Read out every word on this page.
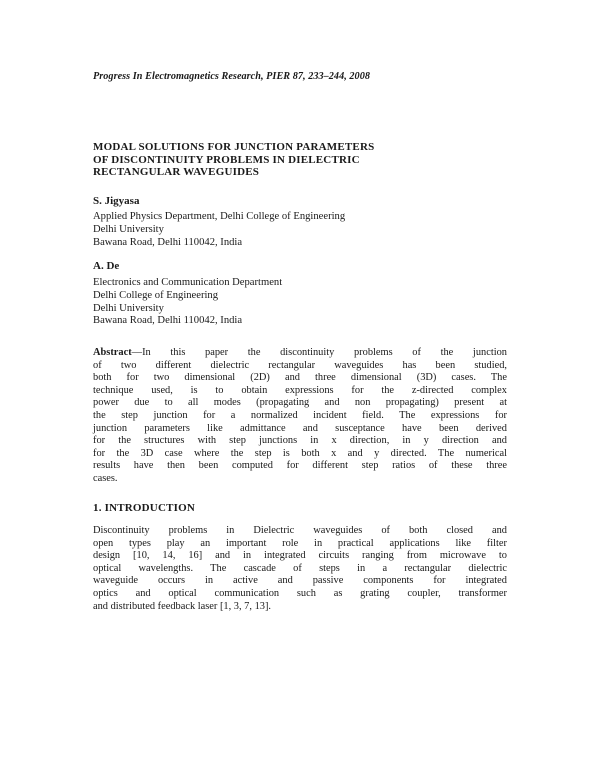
Progress In Electromagnetics Research, PIER 87, 233–244, 2008
MODAL SOLUTIONS FOR JUNCTION PARAMETERS
OF DISCONTINUITY PROBLEMS IN DIELECTRIC
RECTANGULAR WAVEGUIDES
S. Jigyasa
Applied Physics Department, Delhi College of Engineering
Delhi University
Bawana Road, Delhi 110042, India
A. De
Electronics and Communication Department
Delhi College of Engineering
Delhi University
Bawana Road, Delhi 110042, India
Abstract—In this paper the discontinuity problems of the junction
of two different dielectric rectangular waveguides has been studied,
both for two dimensional (2D) and three dimensional (3D) cases. The
technique used, is to obtain expressions for the z-directed complex
power due to all modes (propagating and non propagating) present at
the step junction for a normalized incident field. The expressions for
junction parameters like admittance and susceptance have been derived
for the structures with step junctions in x direction, in y direction and
for the 3D case where the step is both x and y directed. The numerical
results have then been computed for different step ratios of these three
cases.
1. INTRODUCTION
Discontinuity problems in Dielectric waveguides of both closed and
open types play an important role in practical applications like filter
design [10, 14, 16] and in integrated circuits ranging from microwave to
optical wavelengths. The cascade of steps in a rectangular dielectric
waveguide occurs in active and passive components for integrated
optics and optical communication such as grating coupler, transformer
and distributed feedback laser [1, 3, 7, 13].
